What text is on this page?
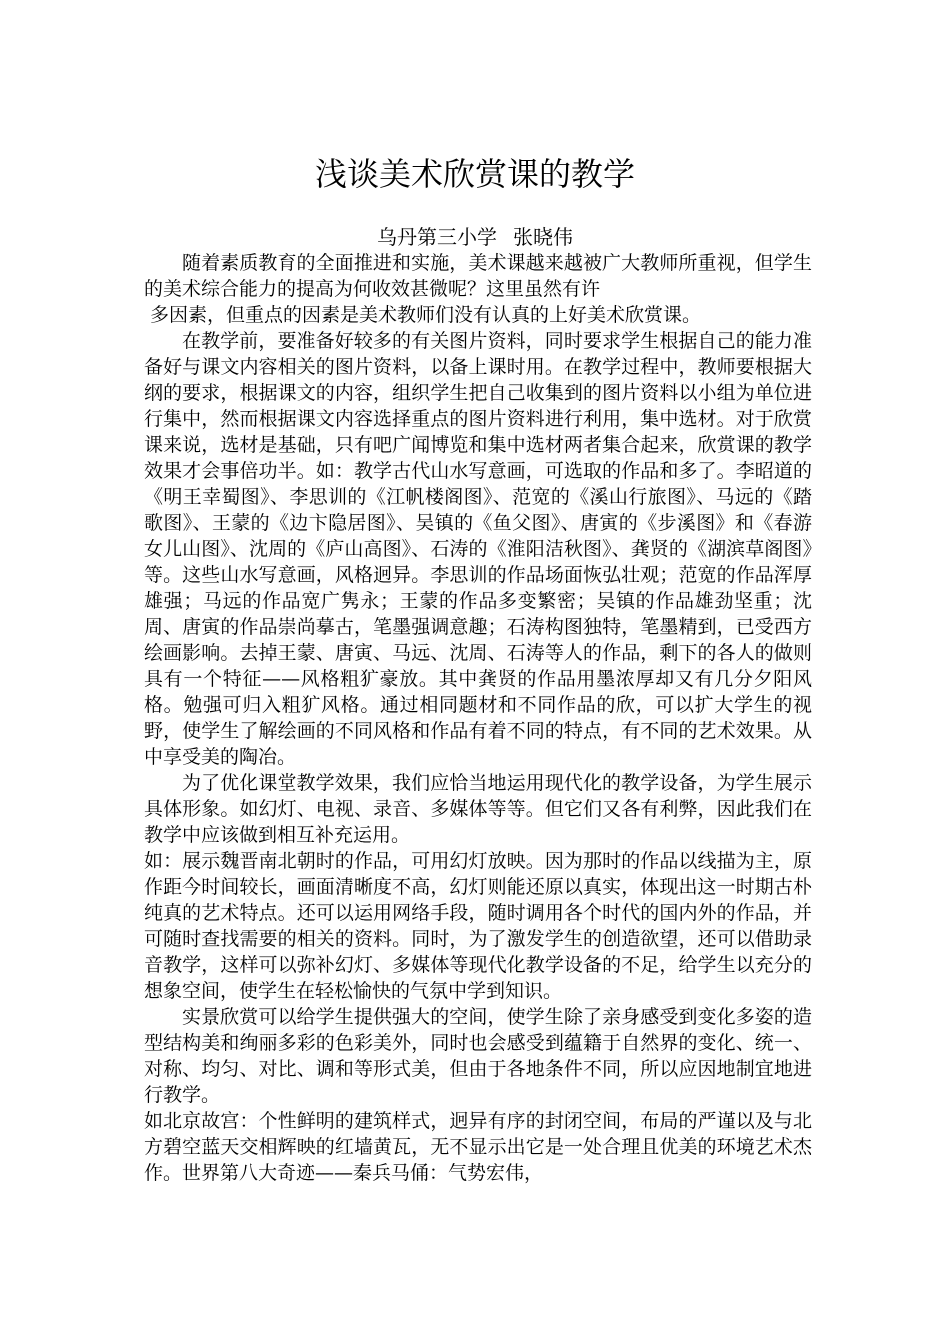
浅谈美术欣赏课的教学
乌丹第三小学 张晓伟

随着素质教育的全面推进和实施，美术课越来越被广大教师所重视，但学生的美术综合能力的提高为何收效甚微呢？这里虽然有许

多因素，但重点的因素是美术教师们没有认真的上好美术欣赏课。

在教学前，要准备好较多的有关图片资料，同时要求学生根据自己的能力准备好与课文内容相关的图片资料，以备上课时用。在教学过程中，教师要根据大纲的要求，根据课文的内容，组织学生把自己收集到的图片资料以小组为单位进行集中，然而根据课文内容选择重点的图片资料进行利用，集中选材。对于欣赏课来说，选材是基础，只有吧广闻博览和集中选材两者集合起来，欣赏课的教学效果才会事倍功半。如：教学古代山水写意画，可选取的作品和多了。李昭道的《明王幸蜀图》、李思训的《江帆楼阁图》、范宽的《溪山行旅图》、马远的《踏歌图》、王蒙的《边卞隐居图》、吴镇的《鱼父图》、唐寅的《步溪图》和《春游女儿山图》、沈周的《庐山高图》、石涛的《淮阳洁秋图》、龚贤的《湖滨草阁图》等。这些山水写意画，风格迥异。李思训的作品场面恢弘壮观；范宽的作品浑厚雄强；马远的作品宽广隽永；王蒙的作品多变繁密；吴镇的作品雄劲坚重；沈周、唐寅的作品崇尚摹古，笔墨强调意趣；石涛构图独特，笔墨精到，已受西方绘画影响。去掉王蒙、唐寅、马远、沈周、石涛等人的作品，剩下的各人的做则具有一个特征——风格粗犷豪放。其中龚贤的作品用墨浓厚却又有几分夕阳风格。勉强可归入粗犷风格。通过相同题材和不同作品的欣，可以扩大学生的视野，使学生了解绘画的不同风格和作品有着不同的特点，有不同的艺术效果。从中享受美的陶冶。

为了优化课堂教学效果，我们应恰当地运用现代化的教学设备，为学生展示具体形象。如幻灯、电视、录音、多媒体等等。但它们又各有利弊，因此我们在教学中应该做到相互补充运用。

如：展示魏晋南北朝时的作品，可用幻灯放映。因为那时的作品以线描为主，原作距今时间较长，画面清晰度不高，幻灯则能还原以真实，体现出这一时期古朴纯真的艺术特点。还可以运用网络手段，随时调用各个时代的国内外的作品，并可随时查找需要的相关的资料。同时，为了激发学生的创造欲望，还可以借助录音教学，这样可以弥补幻灯、多媒体等现代化教学设备的不足，给学生以充分的想象空间，使学生在轻松愉快的气氛中学到知识。

实景欣赏可以给学生提供强大的空间，使学生除了亲身感受到变化多姿的造型结构美和绚丽多彩的色彩美外，同时也会感受到蕴籍于自然界的变化、统一、对称、均匀、对比、调和等形式美，但由于各地条件不同，所以应因地制宜地进行教学。

如北京故宫：个性鲜明的建筑样式，迥异有序的封闭空间，布局的严谨以及与北方碧空蓝天交相辉映的红墙黄瓦，无不显示出它是一处合理且优美的环境艺术杰作。世界第八大奇迹——秦兵马俑：气势宏伟，
